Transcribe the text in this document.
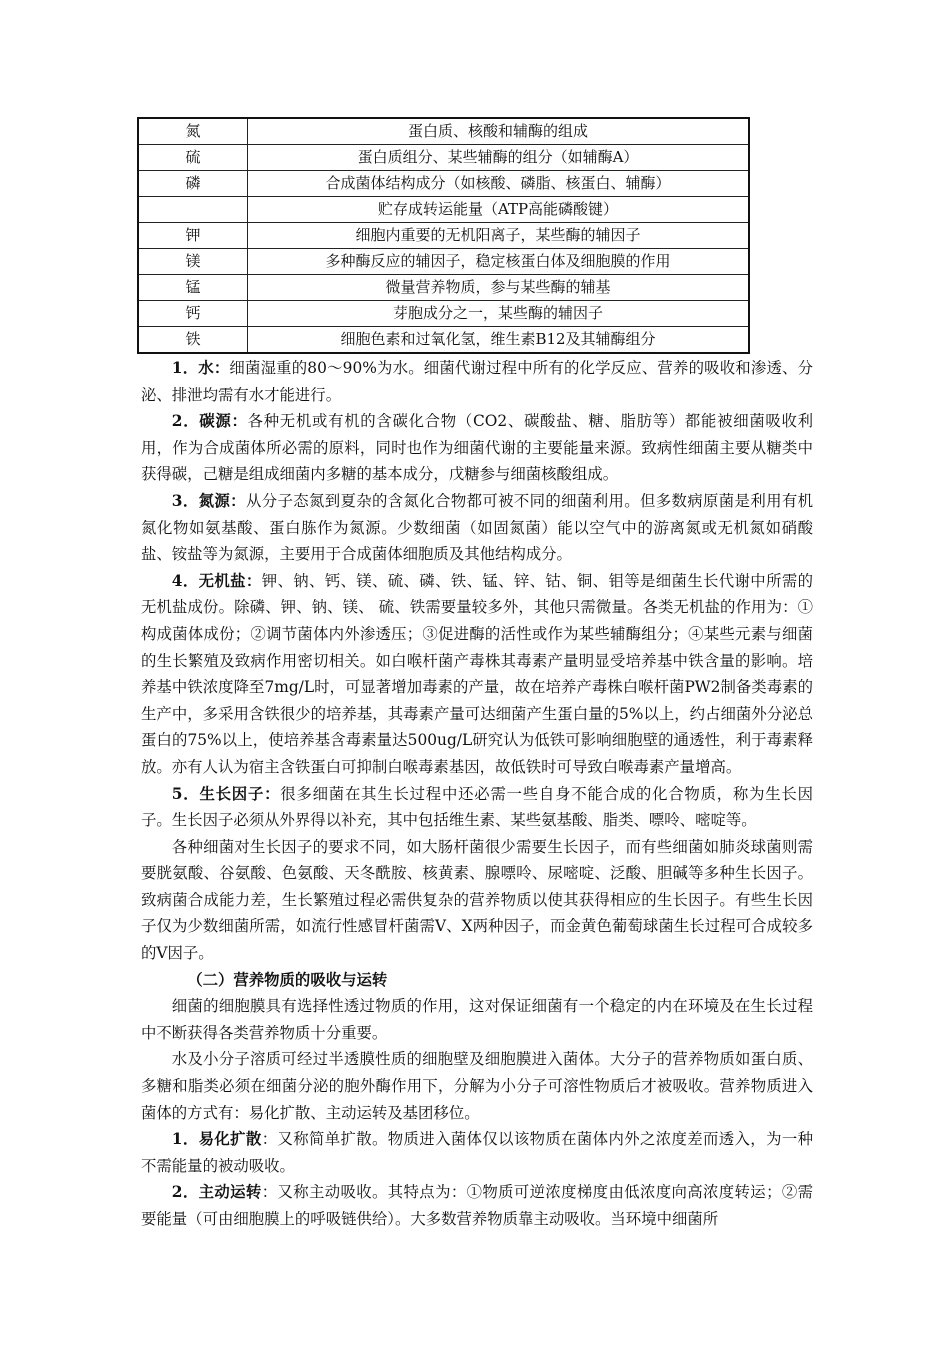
氮	蛋白质、核酸和辅酶的组成
硫	蛋白质组分、某些辅酶的组分（如辅酶A）
磷	合成菌体结构成分（如核酸、磷脂、核蛋白、辅酶）
	贮存成转运能量（ATP高能磷酸键）
钾	细胞内重要的无机阳离子，某些酶的辅因子
镁	多种酶反应的辅因子，稳定核蛋白体及细胞膜的作用
锰	微量营养物质，参与某些酶的辅基
钙	芽胞成分之一，某些酶的辅因子
铁	细胞色素和过氧化氢，维生素B12及其辅酶组分

1．水：细菌湿重的80～90%为水。细菌代谢过程中所有的化学反应、营养的吸收和渗透、分泌、排泄均需有水才能进行。

2．碳源：各种无机或有机的含碳化合物（CO2、碳酸盐、糖、脂肪等）都能被细菌吸收利用，作为合成菌体所必需的原料，同时也作为细菌代谢的主要能量来源。致病性细菌主要从糖类中获得碳，己糖是组成细菌内多糖的基本成分，戊糖参与细菌核酸组成。

3．氮源：从分子态氮到夏杂的含氮化合物都可被不同的细菌利用。但多数病原菌是利用有机氮化物如氨基酸、蛋白胨作为氮源。少数细菌（如固氮菌）能以空气中的游离氮或无机氮如硝酸盐、铵盐等为氮源，主要用于合成菌体细胞质及其他结构成分。

4．无机盐：钾、钠、钙、镁、硫、磷、铁、锰、锌、钴、铜、钼等是细菌生长代谢中所需的无机盐成份。除磷、钾、钠、镁、 硫、铁需要量较多外，其他只需微量。各类无机盐的作用为：①构成菌体成份；②调节菌体内外渗透压；③促进酶的活性或作为某些辅酶组分；④某些元素与细菌的生长繁殖及致病作用密切相关。如白喉杆菌产毒株其毒素产量明显受培养基中铁含量的影响。培养基中铁浓度降至7mg/L时，可显著增加毒素的产量，故在培养产毒株白喉杆菌PW2制备类毒素的生产中，多采用含铁很少的培养基，其毒素产量可达细菌产生蛋白量的5%以上，约占细菌外分泌总蛋白的75%以上，使培养基含毒素量达500ug/L研究认为低铁可影响细胞壁的通透性，利于毒素释放。亦有人认为宿主含铁蛋白可抑制白喉毒素基因，故低铁时可导致白喉毒素产量增高。

5．生长因子：很多细菌在其生长过程中还必需一些自身不能合成的化合物质，称为生长因子。生长因子必须从外界得以补充，其中包括维生素、某些氨基酸、脂类、嘌呤、嘧啶等。

各种细菌对生长因子的要求不同，如大肠杆菌很少需要生长因子，而有些细菌如肺炎球菌则需要胱氨酸、谷氨酸、色氨酸、天冬酰胺、核黄素、腺嘌呤、尿嘧啶、泛酸、胆碱等多种生长因子。致病菌合成能力差，生长繁殖过程必需供复杂的营养物质以使其获得相应的生长因子。有些生长因子仅为少数细菌所需，如流行性感冒杆菌需V、X两种因子，而金黄色葡萄球菌生长过程可合成较多的V因子。

（二）营养物质的吸收与运转

细菌的细胞膜具有选择性透过物质的作用，这对保证细菌有一个稳定的内在环境及在生长过程中不断获得各类营养物质十分重要。

水及小分子溶质可经过半透膜性质的细胞壁及细胞膜进入菌体。大分子的营养物质如蛋白质、多糖和脂类必须在细菌分泌的胞外酶作用下，分解为小分子可溶性物质后才被吸收。营养物质进入菌体的方式有：易化扩散、主动运转及基团移位。

1．易化扩散：又称简单扩散。物质进入菌体仅以该物质在菌体内外之浓度差而透入，为一种不需能量的被动吸收。

2．主动运转：又称主动吸收。其特点为：①物质可逆浓度梯度由低浓度向高浓度转运；②需要能量（可由细胞膜上的呼吸链供给）。大多数营养物质靠主动吸收。当环境中细菌所
